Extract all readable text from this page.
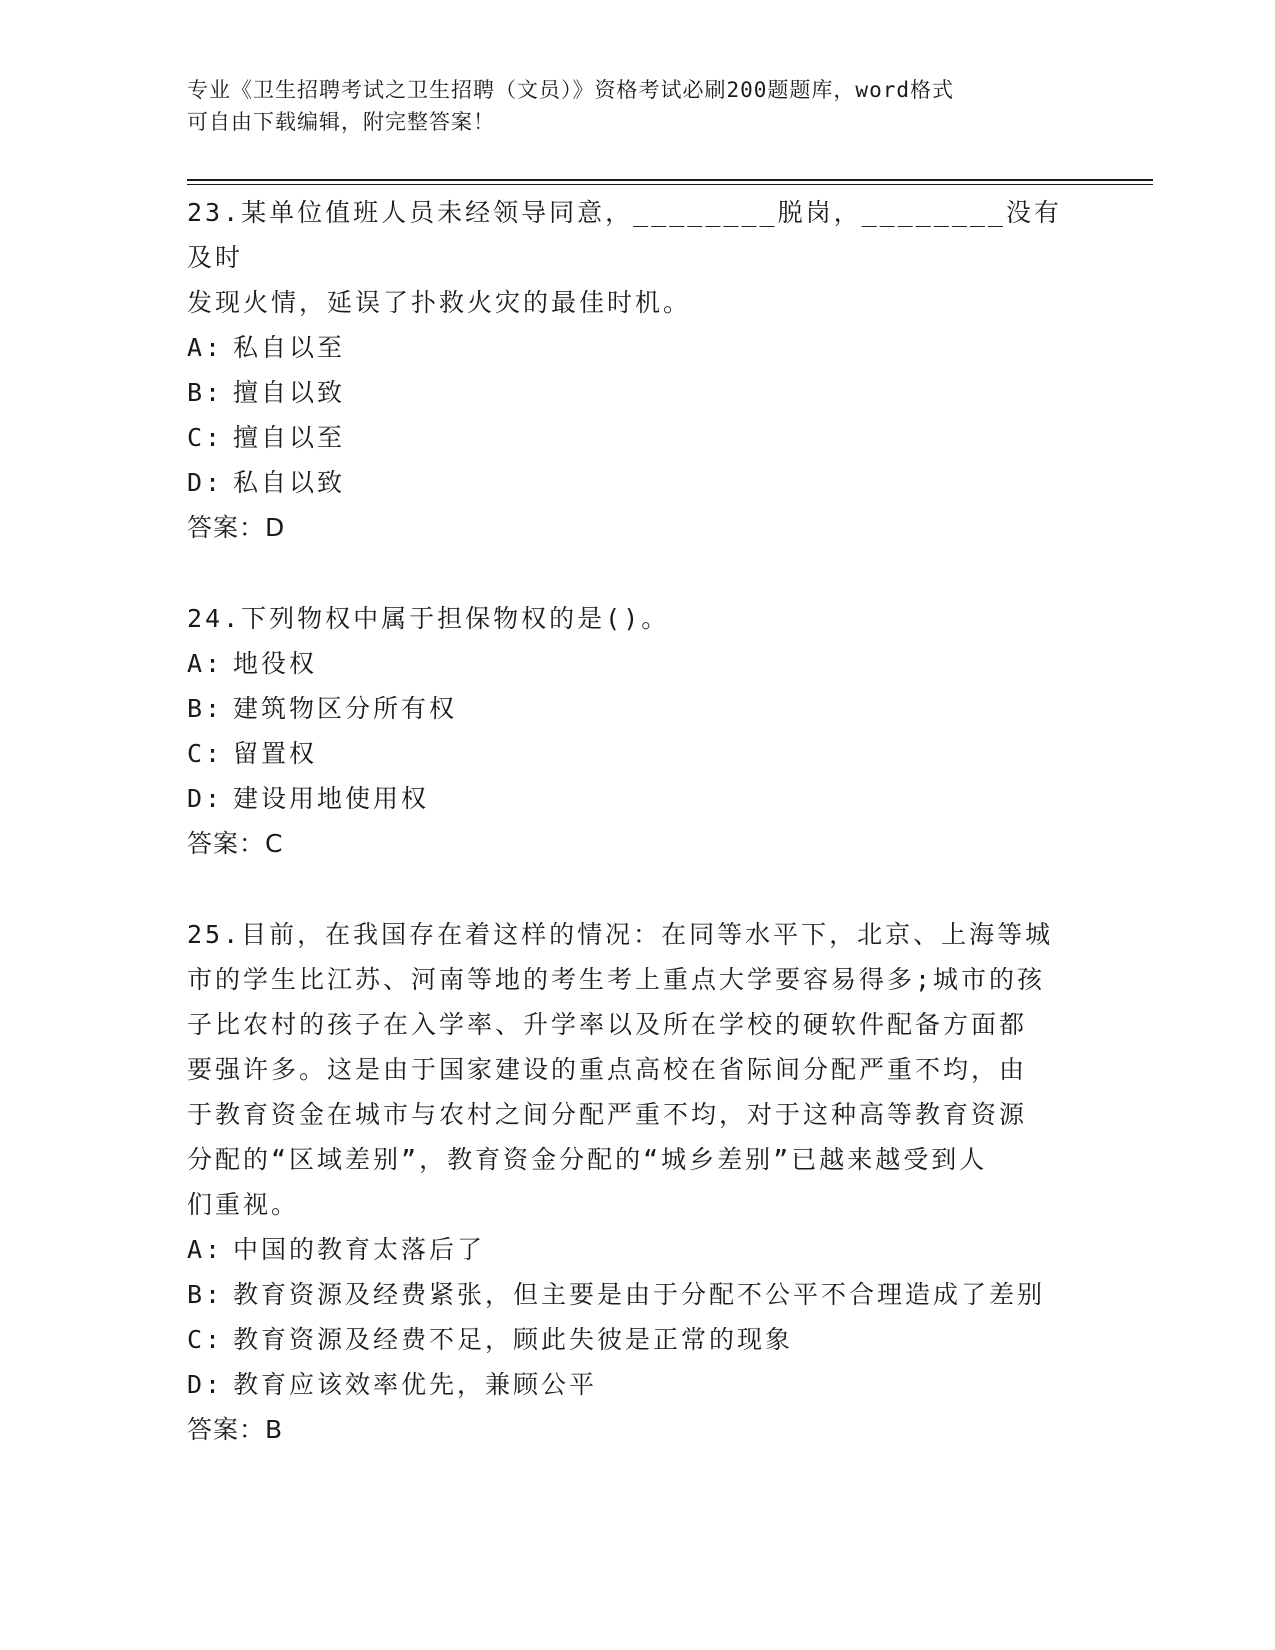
专业《卫生招聘考试之卫生招聘（文员）》资格考试必刷200题题库，word格式
可自由下载编辑，附完整答案！
23.某单位值班人员未经领导同意，________脱岗，________没有及时
发现火情，延误了扑救火灾的最佳时机。
A: 私自以至
B: 擅自以致
C: 擅自以至
D: 私自以致
答案：D
24.下列物权中属于担保物权的是()。
A: 地役权
B: 建筑物区分所有权
C: 留置权
D: 建设用地使用权
答案：C
25.目前，在我国存在着这样的情况：在同等水平下，北京、上海等城
市的学生比江苏、河南等地的考生考上重点大学要容易得多;城市的孩
子比农村的孩子在入学率、升学率以及所在学校的硬软件配备方面都
要强许多。这是由于国家建设的重点高校在省际间分配严重不均，由
于教育资金在城市与农村之间分配严重不均，对于这种高等教育资源
分配的“区域差别”，教育资金分配的“城乡差别”已越来越受到人
们重视。
A: 中国的教育太落后了
B: 教育资源及经费紧张，但主要是由于分配不公平不合理造成了差别
C: 教育资源及经费不足，顾此失彼是正常的现象
D: 教育应该效率优先，兼顾公平
答案：B
